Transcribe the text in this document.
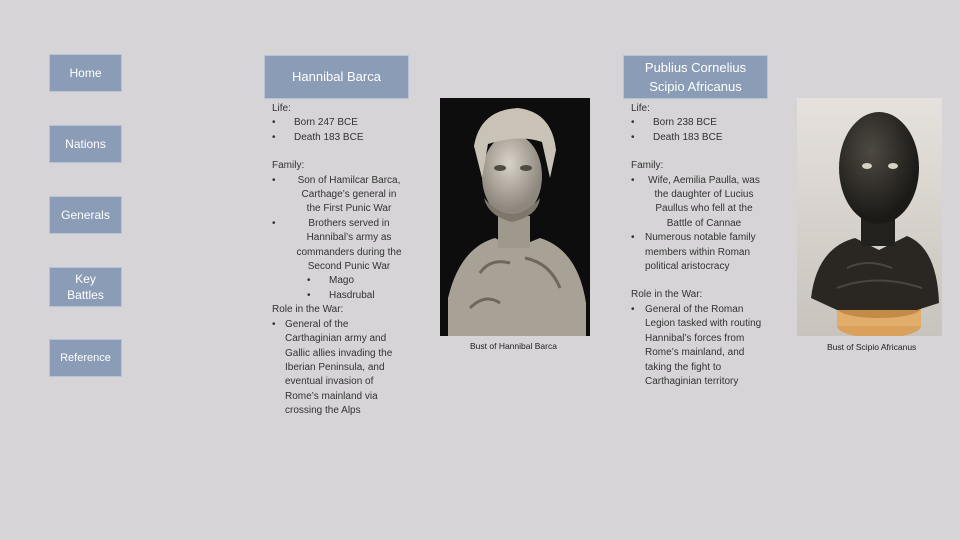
Home
Nations
Generals
Key Battles
Reference
Hannibal Barca

Life:

•	Born 247 BCE
•	Death 183 BCE

Family:

•	Son of Hamilcar Barca, Carthage’s general in the First Punic War
•	Brothers served in Hannibal’s army as commanders during the Second Punic War
•	Mago
•	Hasdrubal

Role in the War:

• General of the Carthaginian army and Gallic allies invading the Iberian Peninsula, and eventual invasion of Rome’s mainland via crossing the Alps
Bust of Hannibal Barca
Publius Cornelius Scipio Africanus

Life:

•	Born 238 BCE
•	Death 183 BCE

Family:

•	Wife, Aemilia Paulla, was the daughter of Lucius Paullus who fell at the Battle of Cannae
•	Numerous notable family members within Roman political aristocracy

Role in the War:

•	General of the Roman Legion tasked with routing Hannibal’s forces from Rome’s mainland, and taking the fight to Carthaginian territory
Bust of Scipio Africanus
